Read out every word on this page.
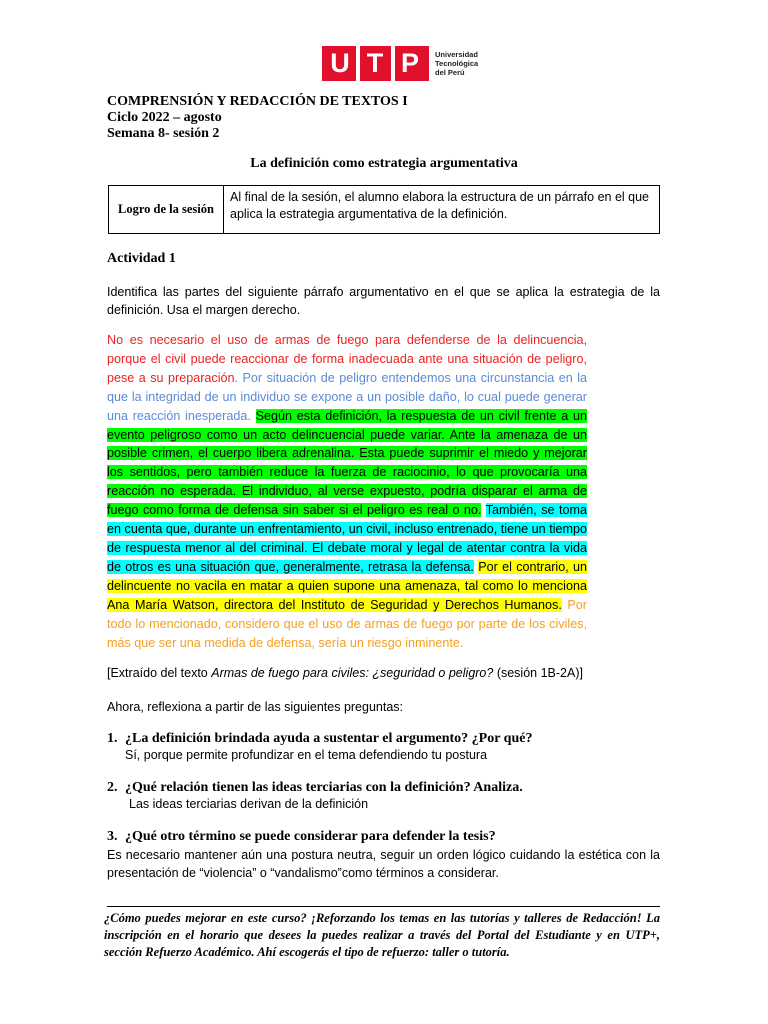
U T P	Universidad
Tecnológica
del Perú
COMPRENSIÓN Y REDACCIÓN DE TEXTOS I
Ciclo 2022 – agosto
Semana 8- sesión 2
La definición como estrategia argumentativa
Logro de la sesión
Al final de la sesión, el alumno elabora la estructura de un párrafo en el que aplica la estrategia argumentativa de la definición.
Actividad 1
Identifica las partes del siguiente párrafo argumentativo en el que se aplica la estrategia de la definición. Usa el margen derecho.
No es necesario el uso de armas de fuego para defenderse de la delincuencia, porque el civil puede reaccionar de forma inadecuada ante una situación de peligro, pese a su preparación. Por situación de peligro entendemos una circunstancia en la que la integridad de un individuo se expone a un posible daño, lo cual puede generar una reacción inesperada. Según esta definición, la respuesta de un civil frente a un evento peligroso como un acto delincuencial puede variar. Ante la amenaza de un posible crimen, el cuerpo libera adrenalina. Esta puede suprimir el miedo y mejorar los sentidos, pero también reduce la fuerza de raciocinio, lo que provocaría una reacción no esperada. El individuo, al verse expuesto, podría disparar el arma de fuego como forma de defensa sin saber si el peligro es real o no. También, se toma en cuenta que, durante un enfrentamiento, un civil, incluso entrenado, tiene un tiempo de respuesta menor al del criminal. El debate moral y legal de atentar contra la vida de otros es una situación que, generalmente, retrasa la defensa. Por el contrario, un delincuente no vacila en matar a quien supone una amenaza, tal como lo menciona Ana María Watson, directora del Instituto de Seguridad y Derechos Humanos. Por todo lo mencionado, considero que el uso de armas de fuego por parte de los civiles, más que ser una medida de defensa, sería un riesgo inminente.
[Extraído del texto Armas de fuego para civiles: ¿seguridad o peligro? (sesión 1B-2A)]
Ahora, reflexiona a partir de las siguientes preguntas:
1. ¿La definición brindada ayuda a sustentar el argumento? ¿Por qué?
Sí, porque permite profundizar en el tema defendiendo tu postura
2. ¿Qué relación tienen las ideas terciarias con la definición? Analiza.
Las ideas terciarias derivan de la definición
3. ¿Qué otro término se puede considerar para defender la tesis?
Es necesario mantener aún una postura neutra, seguir un orden lógico cuidando la estética con la presentación de “violencia” o “vandalismo”como términos a considerar.
¿Cómo puedes mejorar en este curso? ¡Reforzando los temas en las tutorías y talleres de Redacción! La inscripción en el horario que desees la puedes realizar a través del Portal del Estudiante y en UTP+, sección Refuerzo Académico. Ahí escogerás el tipo de refuerzo: taller o tutoría.
